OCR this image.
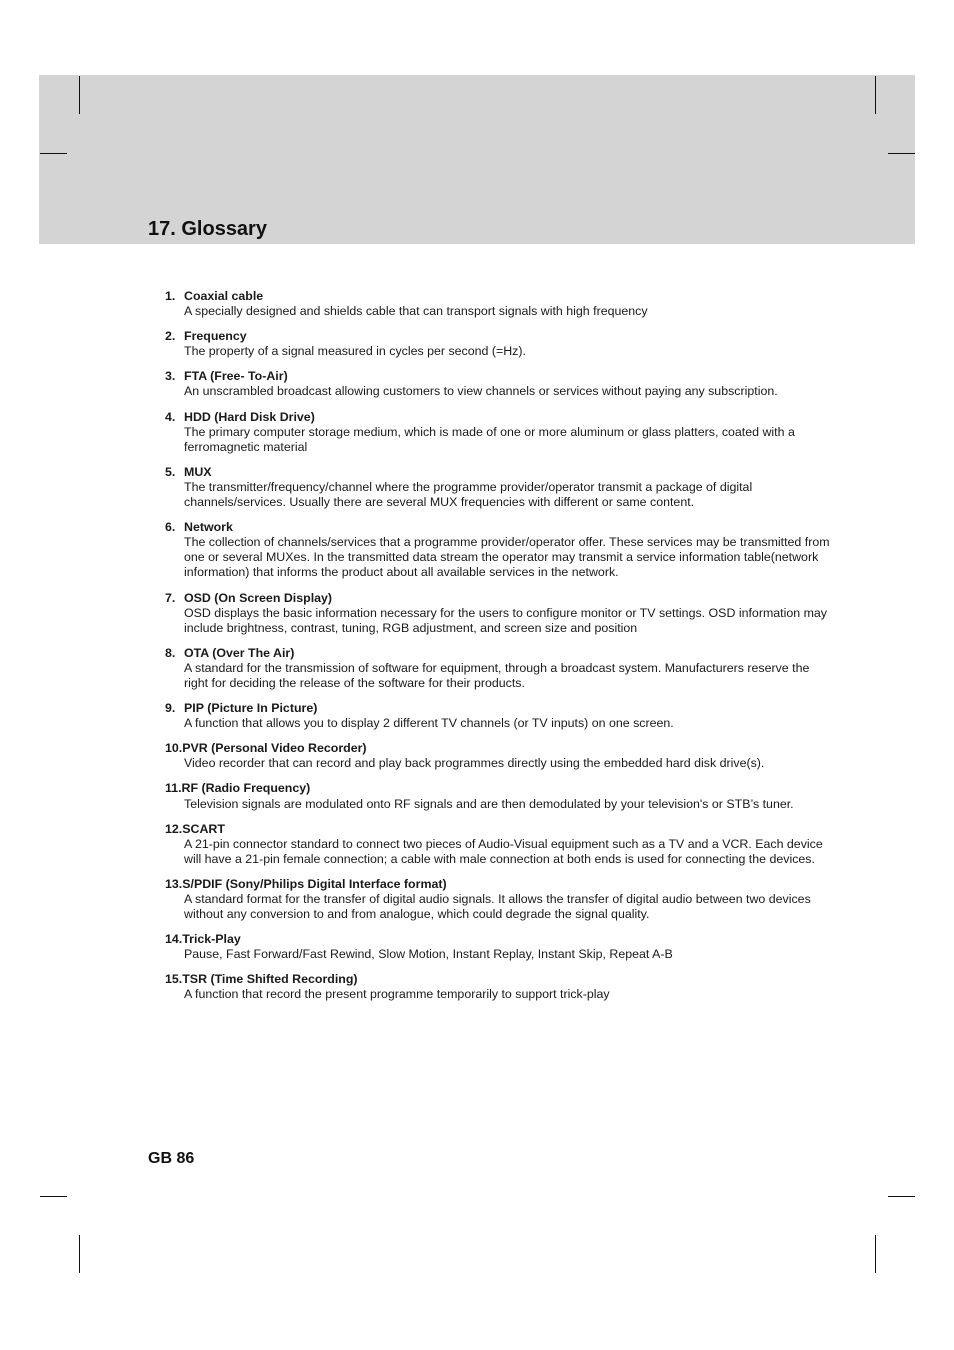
17. Glossary
1. Coaxial cable
A specially designed and shields cable that can transport signals with high frequency
2. Frequency
The property of a signal measured in cycles per second (=Hz).
3. FTA (Free- To-Air)
An unscrambled broadcast allowing customers to view channels or services without paying any subscription.
4. HDD (Hard Disk Drive)
The primary computer storage medium, which is made of one or more aluminum or glass platters, coated with a ferromagnetic material
5. MUX
The transmitter/frequency/channel where the programme provider/operator transmit a package of digital channels/services. Usually there are several MUX frequencies with different or same content.
6. Network
The collection of channels/services that a programme provider/operator offer. These services may be transmitted from one or several MUXes. In the transmitted data stream the operator may transmit a service information table(network information) that informs the product about all available services in the network.
7. OSD (On Screen Display)
OSD displays the basic information necessary for the users to configure monitor or TV settings. OSD information may include brightness, contrast, tuning, RGB adjustment, and screen size and position
8. OTA (Over The Air)
A standard for the transmission of software for equipment, through a broadcast system. Manufacturers reserve the right for deciding the release of the software for their products.
9. PIP (Picture In Picture)
A function that allows you to display 2 different TV channels (or TV inputs) on one screen.
10.PVR (Personal Video Recorder)
Video recorder that can record and play back programmes directly using the embedded hard disk drive(s).
11.RF (Radio Frequency)
Television signals are modulated onto RF signals and are then demodulated by your television's or STB’s tuner.
12.SCART
A 21-pin connector standard to connect two pieces of Audio-Visual equipment such as a TV and a VCR. Each device will have a 21-pin female connection; a cable with male connection at both ends is used for connecting the devices.
13.S/PDIF (Sony/Philips Digital Interface format)
A standard format for the transfer of digital audio signals. It allows the transfer of digital audio between two devices without any conversion to and from analogue, which could degrade the signal quality.
14.Trick-Play
Pause, Fast Forward/Fast Rewind, Slow Motion, Instant Replay, Instant Skip, Repeat A-B
15.TSR (Time Shifted Recording)
A function that record the present programme temporarily to support trick-play
GB 86
